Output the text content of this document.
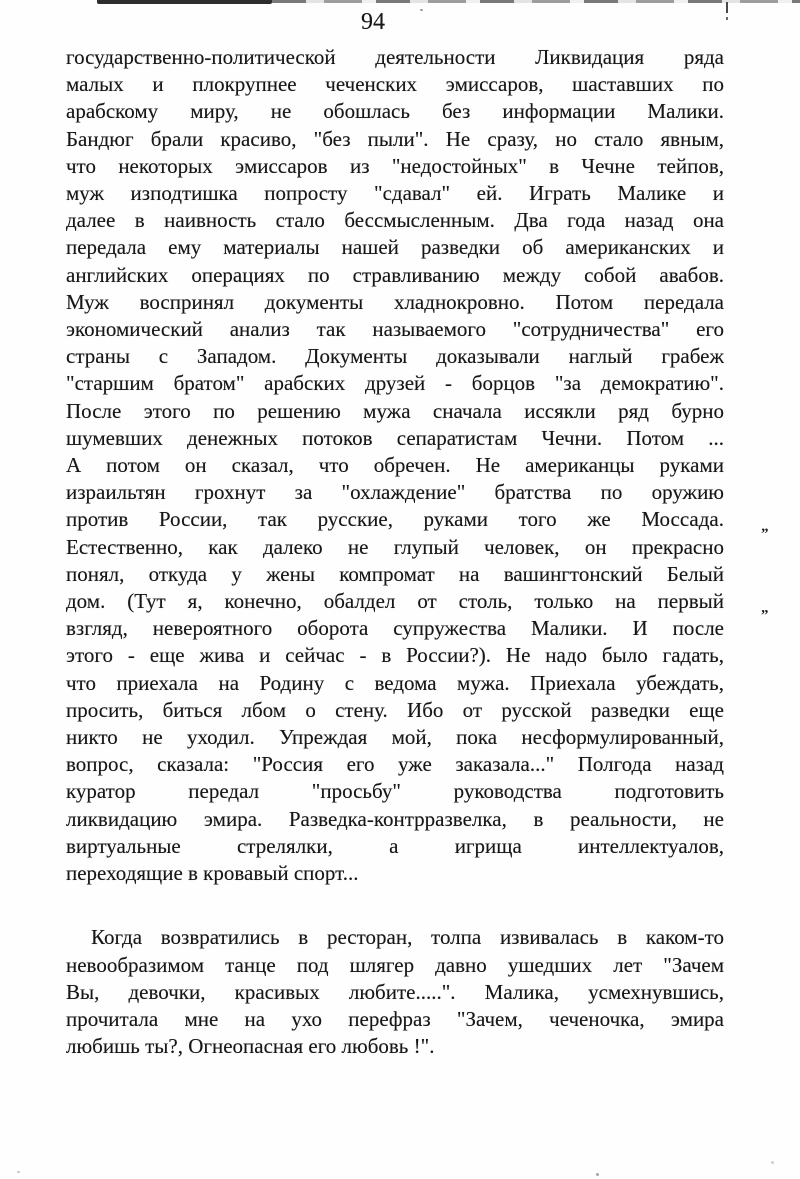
94
государственно-политической деятельности Ликвидация ряда
малых и плокрупнее чеченских эмиссаров, шаставших по
арабскому миру, не обошлась без информации Малики.
Бандюг брали красиво, "без пыли". Не сразу, но стало явным,
что некоторых эмиссаров из "недостойных" в Чечне тейпов,
муж изподтишка попросту "сдавал" ей. Играть Малике и
далее в наивность стало бессмысленным. Два года назад она
передала ему материалы нашей разведки об американских и
английских операциях по стравливанию между собой авабов.
Муж воспринял документы хладнокровно. Потом передала
экономический анализ так называемого "сотрудничества" его
страны с Западом. Документы доказывали наглый грабеж
"старшим братом" арабских друзей - борцов "за демократию".
После этого по решению мужа сначала иссякли ряд бурно
шумевших денежных потоков сепаратистам Чечни. Потом ...
А потом он сказал, что обречен. Не американцы руками
израильтян грохнут за "охлаждение" братства по оружию
против России, так русские, руками того же Моссада.
Естественно, как далеко не глупый человек, он прекрасно
понял, откуда у жены компромат на вашингтонский Белый
дом. (Тут я, конечно, обалдел от столь, только на первый
взгляд, невероятного оборота супружества Малики. И после
этого - еще жива и сейчас - в России?). Не надо было гадать,
что приехала на Родину с ведома мужа. Приехала убеждать,
просить, биться лбом о стену. Ибо от русской разведки еще
никто не уходил. Упреждая мой, пока несформулированный,
вопрос, сказала: "Россия его уже заказала..." Полгода назад
куратор передал "просьбу" руководства подготовить
ликвидацию эмира. Разведка-контрразвелка, в реальности, не
виртуальные стрелялки, а игрища интеллектуалов,
переходящие в кровавый спорт...
Когда возвратились в ресторан, толпа извивалась в каком-то
невообразимом танце под шлягер давно ушедших лет "Зачем
Вы, девочки, красивых любите.....". Малика, усмехнувшись,
прочитала мне на ухо перефраз "Зачем, чеченочка, эмира
любишь ты?, Огнеопасная его любовь !".
”
„
